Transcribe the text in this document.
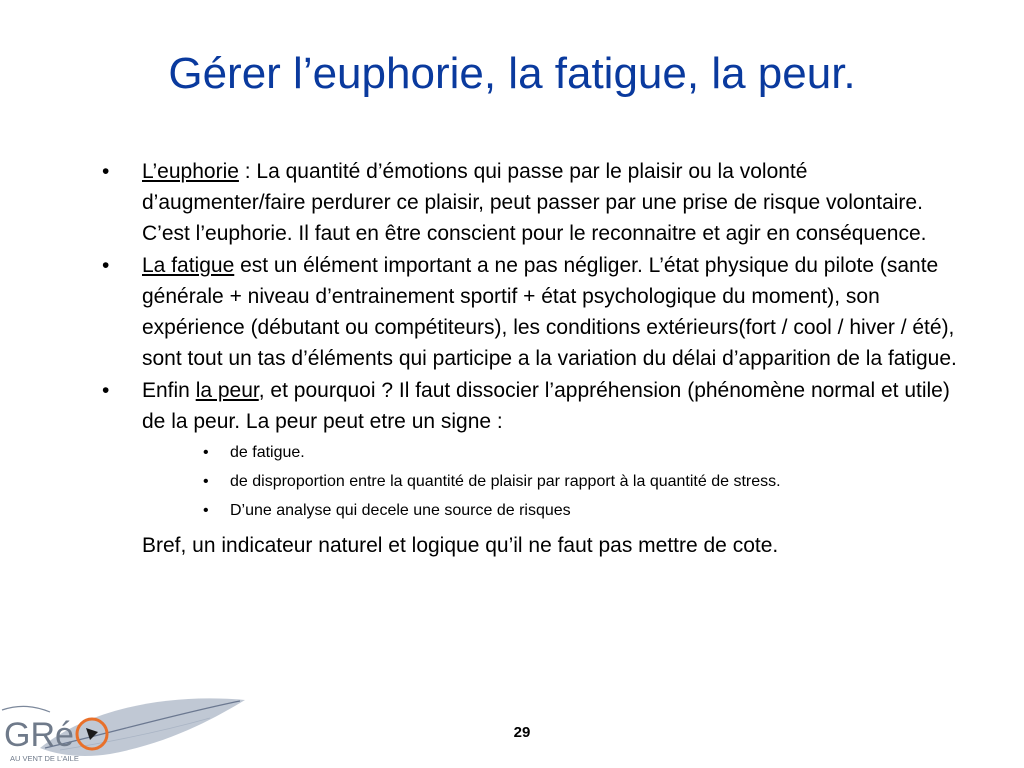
Gérer l’euphorie, la fatigue, la peur.

• L’euphorie : La quantité d’émotions qui passe par le plaisir ou la volonté d’augmenter/faire perdurer ce plaisir, peut passer par une prise de risque volontaire. C’est l’euphorie. Il faut en être conscient pour le reconnaitre et agir en conséquence.

• La fatigue est un élément important a ne pas négliger. L’état physique du pilote (sante générale + niveau d’entrainement sportif + état psychologique du moment), son expérience (débutant ou compétiteurs), les conditions extérieurs(fort / cool / hiver / été), sont tout un tas d’éléments qui participe a la variation du délai d’apparition de la fatigue.

• Enfin la peur, et pourquoi ? Il faut dissocier l’appréhension (phénomène normal et utile) de la peur. La peur peut etre un signe :

• de fatigue.

• de disproportion entre la quantité de plaisir par rapport à la quantité de stress.

• D’une analyse qui decele une source de risques

Bref, un indicateur naturel et logique qu’il ne faut pas mettre de cote.

GRé
AU VENT DE L'AILE
29
